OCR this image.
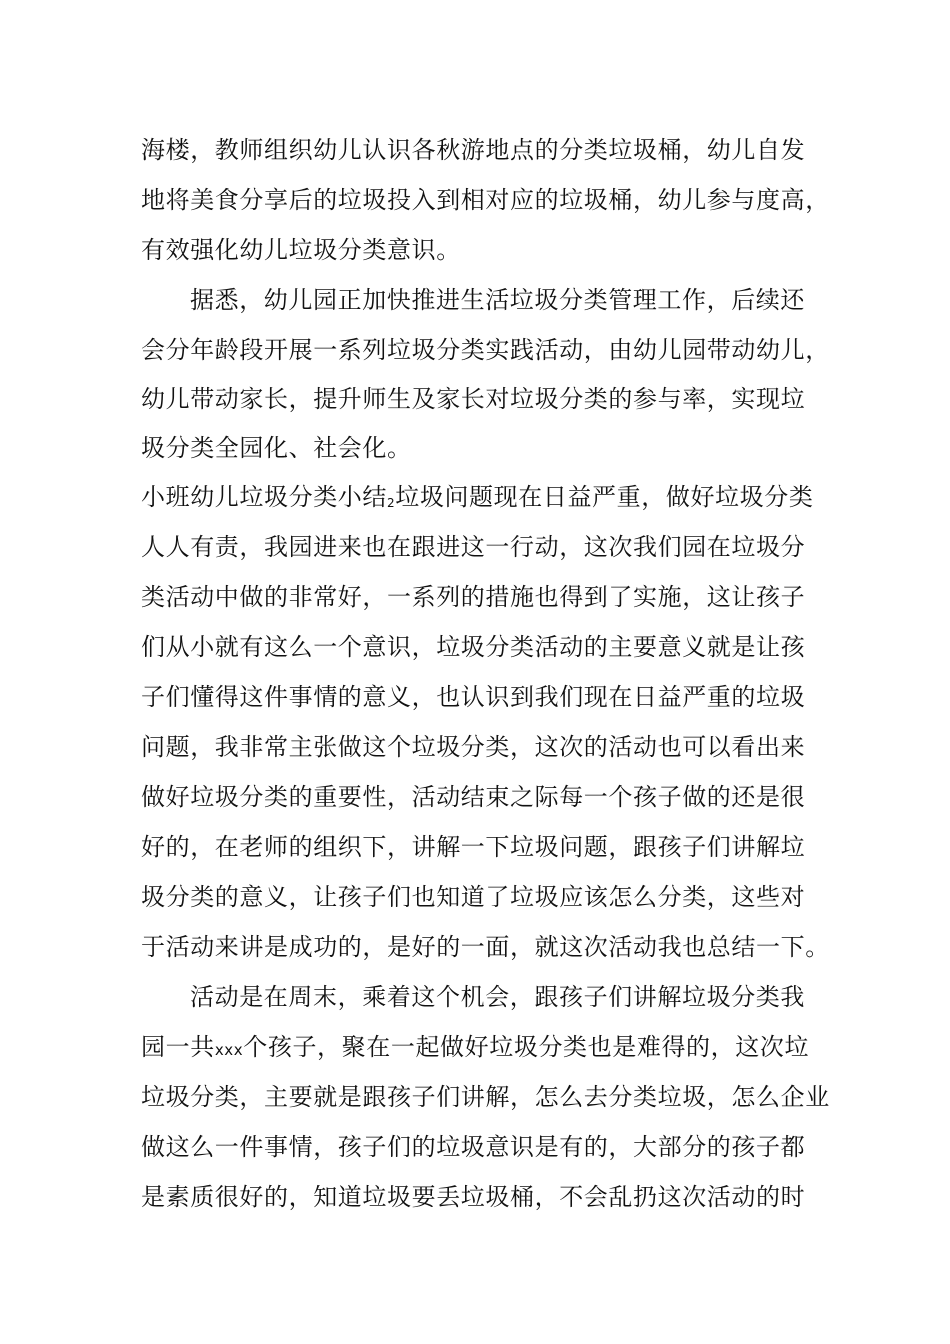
海楼，教师组织幼儿认识各秋游地点的分类垃圾桶，幼儿自发
地将美食分享后的垃圾投入到相对应的垃圾桶，幼儿参与度高，
有效强化幼儿垃圾分类意识。
据悉，幼儿园正加快推进生活垃圾分类管理工作，后续还
会分年龄段开展一系列垃圾分类实践活动，由幼儿园带动幼儿，
幼儿带动家长，提升师生及家长对垃圾分类的参与率，实现垃
圾分类全园化、社会化。
小班幼儿垃圾分类小结2垃圾问题现在日益严重，做好垃圾分类
人人有责，我园进来也在跟进这一行动，这次我们园在垃圾分
类活动中做的非常好，一系列的措施也得到了实施，这让孩子
们从小就有这么一个意识，垃圾分类活动的主要意义就是让孩
子们懂得这件事情的意义，也认识到我们现在日益严重的垃圾
问题，我非常主张做这个垃圾分类，这次的活动也可以看出来
做好垃圾分类的重要性，活动结束之际每一个孩子做的还是很
好的，在老师的组织下，讲解一下垃圾问题，跟孩子们讲解垃
圾分类的意义，让孩子们也知道了垃圾应该怎么分类，这些对
于活动来讲是成功的，是好的一面，就这次活动我也总结一下。
活动是在周末，乘着这个机会，跟孩子们讲解垃圾分类我
园一共xxx个孩子，聚在一起做好垃圾分类也是难得的，这次垃
垃圾分类，主要就是跟孩子们讲解，怎么去分类垃圾，怎么企业
做这么一件事情，孩子们的垃圾意识是有的，大部分的孩子都
是素质很好的，知道垃圾要丢垃圾桶，不会乱扔这次活动的时
